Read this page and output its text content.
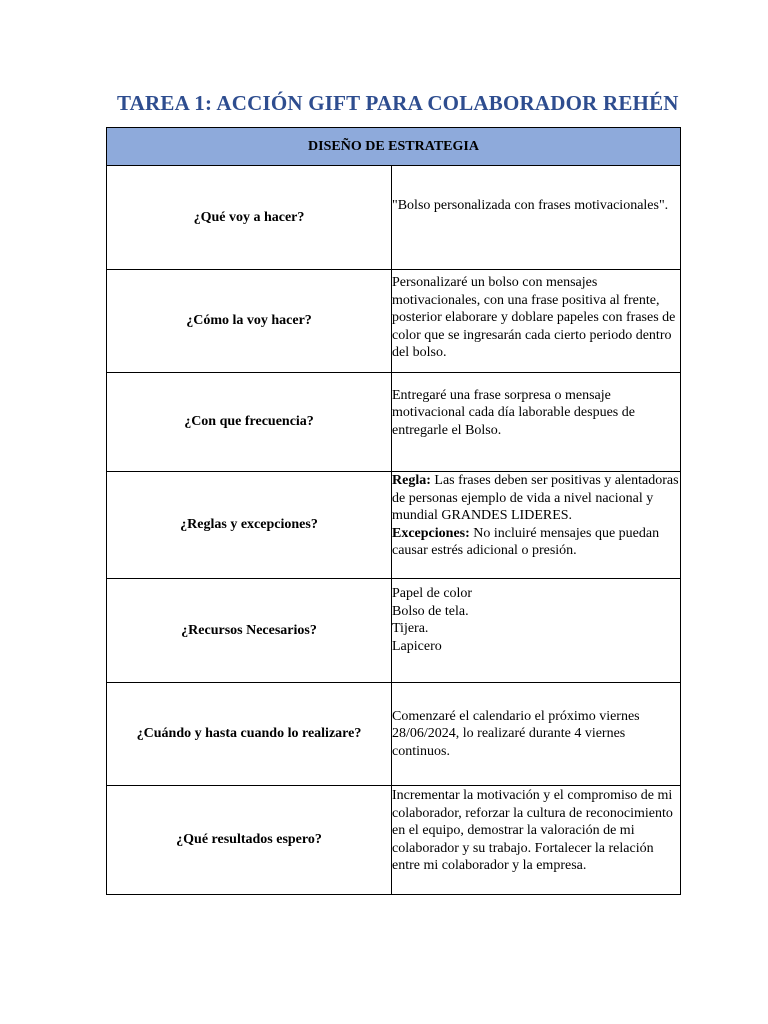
TAREA 1: ACCIÓN GIFT PARA COLABORADOR REHÉN
DISEÑO DE ESTRATEGIA	
¿Qué voy a hacer?	"Bolso personalizada con frases motivacionales".
¿Cómo la voy hacer?	Personalizaré un bolso con mensajes motivacionales, con una frase positiva al frente, posterior elaborare y doblare papeles con frases de color que se ingresarán cada cierto periodo dentro del bolso.
¿Con que frecuencia?	Entregaré una frase sorpresa o mensaje motivacional cada día laborable despues de entregarle el Bolso.
¿Reglas y excepciones?	Regla: Las frases deben ser positivas y alentadoras de personas ejemplo de vida a nivel nacional y mundial GRANDES LIDERES.
Excepciones: No incluiré mensajes que puedan causar estrés adicional o presión.
¿Recursos Necesarios?	Papel de color
Bolso de tela.
Tijera.
Lapicero

¿Cuándo y hasta cuando lo realizare?	Comenzaré el calendario el próximo viernes 28/06/2024, lo realizaré durante 4 viernes continuos.
¿Qué resultados espero?	Incrementar la motivación y el compromiso de mi colaborador, reforzar la cultura de reconocimiento en el equipo, demostrar la valoración de mi colaborador y su trabajo. Fortalecer la relación entre mi colaborador y la empresa.
